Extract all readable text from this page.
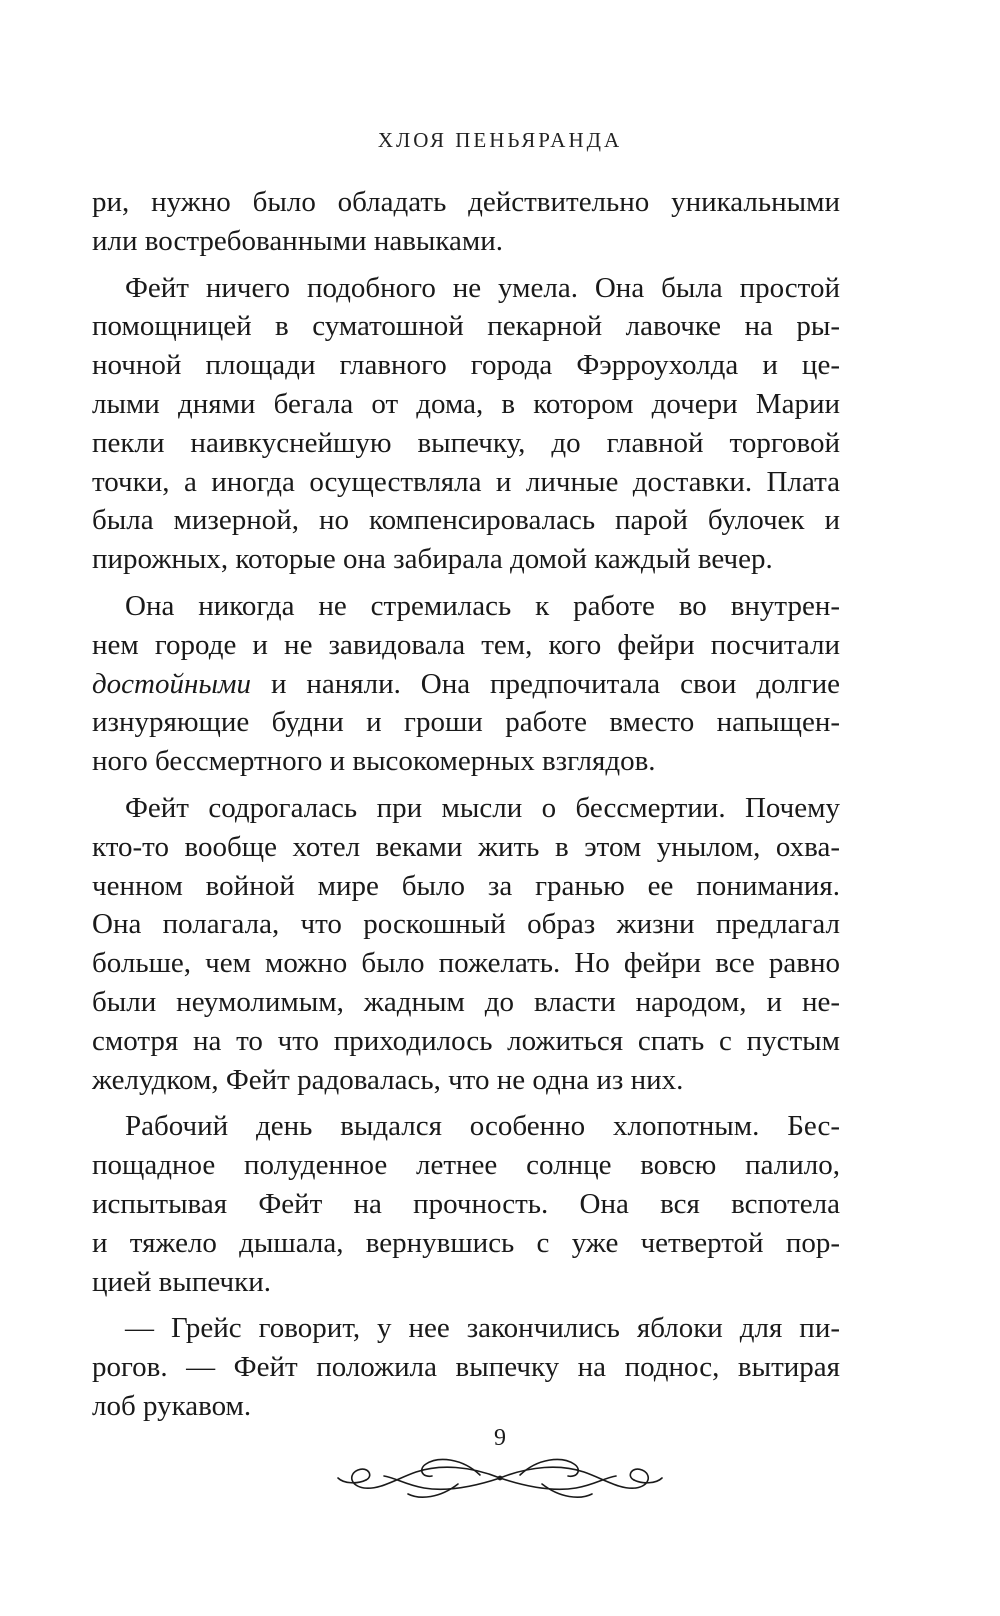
ХЛОЯ ПЕНЬЯРАНДА
ри, нужно было обладать действительно уникальными
или востребованными навыками.
Фейт ничего подобного не умела. Она была простой
помощницей в суматошной пекарной лавочке на ры-
ночной площади главного города Фэрроухолда и це-
лыми днями бегала от дома, в котором дочери Марии
пекли наивкуснейшую выпечку, до главной торговой
точки, а иногда осуществляла и личные доставки. Плата
была мизерной, но компенсировалась парой булочек и
пирожных, которые она забирала домой каждый вечер.
Она никогда не стремилась к работе во внутрен-
нем городе и не завидовала тем, кого фейри посчитали
достойными и наняли. Она предпочитала свои долгие
изнуряющие будни и гроши работе вместо напыщен-
ного бессмертного и высокомерных взглядов.
Фейт содрогалась при мысли о бессмертии. Почему
кто-то вообще хотел веками жить в этом унылом, охва-
ченном войной мире было за гранью ее понимания.
Она полагала, что роскошный образ жизни предлагал
больше, чем можно было пожелать. Но фейри все равно
были неумолимым, жадным до власти народом, и не-
смотря на то что приходилось ложиться спать с пустым
желудком, Фейт радовалась, что не одна из них.
Рабочий день выдался особенно хлопотным. Бес-
пощадное полуденное летнее солнце вовсю палило,
испытывая Фейт на прочность. Она вся вспотела
и тяжело дышала, вернувшись с уже четвертой пор-
цией выпечки.
— Грейс говорит, у нее закончились яблоки для пи-
рогов. — Фейт положила выпечку на поднос, вытирая
лоб рукавом.
9
